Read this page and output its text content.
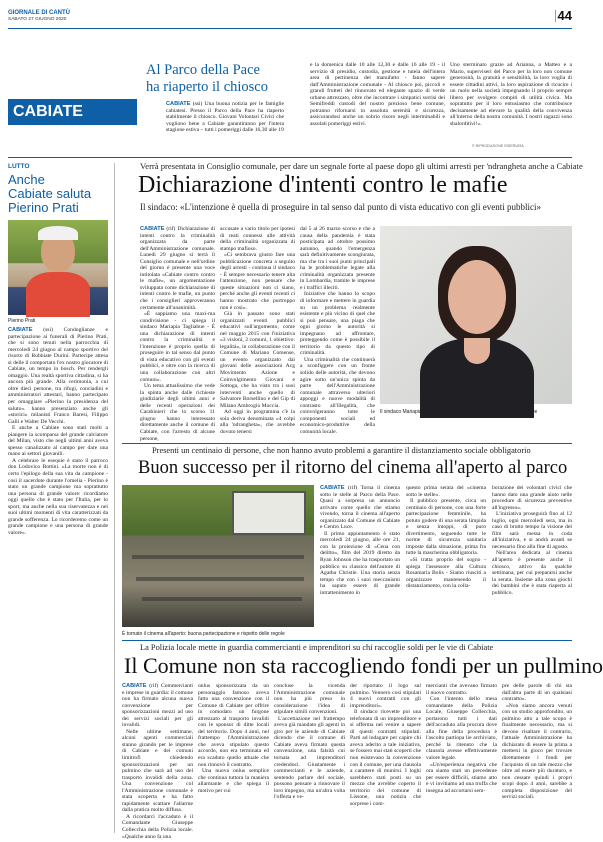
GIORNALE DI CANTÙ
SABATO 27 GIUGNO 2020	44
CABIATE
Al Parco della Pace
ha riaperto il chiosco

CABIATE (ssi) Una buona notizia per le famiglie cabiatesi. Presso il Parco della Pace ha riaperto stabilmente il chiosco. Giovani Volontari Civici che vogliono bene a Cabiate garantiranno per l'intera stagione estiva – tutti i pomeriggi dalle 16,30 alle 19

e la domenica dalle 10 alle 12,30 e dalle 16 alle 19 - il servizio di presidio, custodia, gestione e tutela dell'intera area di pertinenza del manufatto - fanno sapere dall'Amministrazione comunale - Al chiosco poi, piccoli e grandi frutteti del rinnovato ed elegante spazio di verde urbano attrezzato, oltre che incontrare i simpatici sorrisi dei Semifreddi custodi del nostro prezioso bene comune, potranno rifornarsi in assoluta serenità e sicurezza, assicurandosi anche un sobrio risoro negli interminabili e assolati pomeriggi estivi.

Uno sterminato grazie ad Arianna, a Matteo e a Mario, superviseri del Parco per la loro non comune generosità, la gratuità e sensibilità, la loro voglia di essere cittadini attivi, la loro aspirazione di ricucire i un ruolo nella società impegnando il proprio sempre libero per svolgere compiti di utilità civica. Ma sopratutto per il loro entusiasmo che contribuisce decisamente ad elevare la qualità della convivenza all'interno della nostra comunità. I nostri ragazzi sono sbalorditivi!».

© RIPRODUZIONE RISERVATA
LUTTO
Anche
Cabiate saluta
Pierino Prati
Pierino Prati

CABIATE (ssi) Condoglianze e partecipazione ai funerali di Pierino Prati, che si sono tenuti nella parrocchia di mercoledì 24 giugno al campo sportivo del risorto di Robbiate Durini. Partecipe attesa si delle il comportato l'ex nostro giocatore di Cabiate, un tempo in bosch. Per rendergli omaggio. Una realtà sportiva cittadina, si ha ancora più grande. Alla cerimonia, a cui oltre dieci persone, tra rifugi, conciadini e amministratori attestari, hanno partecipato per omaggiare «Pierino la presidenza del saluto». hanno presenziato anche gli «storici» milanisti Franco Baresi, Filippo Galli e Walter De Vecchi.

E anche a Cabiate sono stati molti a piangere la scomparsa del grande calciatore del Milan, visto che negli ultimi anni aveva spesso canalizzato al campo per dare una mano ai settori giovanili.

A celebrare le esequie è stato il parroco don Lodovico Bottini. «La morte non è di certo l'epilogo della sua vita da campione - così il sacerdote durante l'omelia - Pierino è stato un grande campione ma soprattutto una persona di grande valore: ricordiamo oggi quello che è stato per l'Italia, per lo sport, ma anche nella sua riservatezza e nei suoi ultimi momenti di vita caratterizzati da grande sofferenza. Lo ricorderemo come un grande campione e una persona di grande valore».

Verrà presentata in Consiglio comunale, per dare un segnale forte al paese dopo gli ultimi arresti per 'ndrangheta anche a Cabiate
Dichiarazione d'intenti contro le mafie
Il sindaco: «L'intenzione è quella di proseguire in tal senso dal punto di vista educativo con gli eventi pubblici»

CABIATE (rif) Dichiarazione di intenti contro la criminalità organizzata da parte dell'Amministrazione comunale. Lunedì 29 giugno si terrà il Consiglio comunale e nell'ordine del giorno è presente una voce intitolata «Cabiate contro contro le mafie», un argomentazione sviluppata come dichiarazione di intenti contro le mafie, un punto che i consiglieri approveranno certamente all'unanimità.

«È sappiamo una maxi-ma condivisione - ci spiega il sindaco Mariapia Tagliabue - È una dichiarazione di intenti contro la criminalità e l'intenzione è proprio quella di proseguire in tal senso dal punto di vista educativo con gli eventi pubblici, e oltre con la ricerca di una collaborazione con altri comuni».

Un tema attualissimo che vede la spinta anche dalle richieste giudiziarie degli ultimi anni e delle recenti operazioni dei Carabinieri che lo scorso 11 giugno hanno interessato direttamente anche il comune di Cabiate, con l'arresto di alcune persone,

accusate a vario titolo per ipotesi di reati connessi alle attività della criminalità organizzata di stampo mafioso.

«Ci sembrava giusto fare una pubblicazione concreta a seguito degli arresti - continua il sindaco - È sempre necessario tenere alta l'attenzione, non pensare che queste situazioni non ci siano, perché anche gli eventi recenti ci hanno mostrato che purtroppo non è così».

Già in passato sono stati organizzati eventi pubblici educativi sull'argomento, come nel maggio 2015 con l'iniziativa «3 visioni, 2 comuni, 1 obiettivo: legalità», in collaborazione con il Comune di Mariano Comense, un evento organizzato dai giovani delle associazioni Acg Movimento Azione e Coinvolgimento Giovani e Sottoga, che ha visto tra i suoi interventi anche quello di Salvatore Borsellino e del Gip di Milano Ambrogio Moccia.

Ad oggi in programma c'è la sola deriva denominata «4 colpi alla 'ndrangheta», che avrebbe dovuto tenersi

dal 5 al 26 marzo scorso e che a causa della pandemia è stata posticipata ad ottobre possimo autunno, quando l'emergenza sarà definitivamente scongiurata, ma che tra i suoi punti principali ha le problematiche legate alla criminalità organizzata presente in Lombardia, tramite le imprese e i traffici illeciti.

Iniziative che hanno lo scopo di informare e mettere in guardia su un problema realmente esistente e più vicino di quel che si può pensare, una piaga che ogni giorno le autorità si impegnano ad affrontare, proteggendo come è possibile il territorio da questo tipo di criminalità.

Una criminalità che continuerà a sconfiggere con un fronte solido delle autorità, che devono agire sotto un'unica spinta da parte dell'Amministrazione comunale attraverso ulteriori appoggi e nuove modalità di contrasto all'illegalità, che coinvolgeranno tutte le componenti sociali ed economico-produttive della comunità locale.

Il sindaco Mariapia Tagliabue preannuncia il documento contro le mafie
Presenti un centinaio di persone, che non hanno avuto problemi a garantire il distanziamento sociale obbligatorio
Buon successo per il ritorno del cinema all'aperto al parco
È tornato il cinema all'aperto: buona partecipazione e rispetto delle regole

CABIATE (rif) Torna il cinema sotto le stelle al Parco della Pace. Quasi a sorpresa un annuncio arrivato come quello che stiamo vivendo, torna il cinema all'aperto organizzato dal Comune di Cabiate e Centro Luce.

Il primo appuntamento è stato mercoledì 24 giugno, alle ore 21, con la proiezione di «Cena con delitto», film del 2019 diretto da Ryan Johnson che ha trasportato un pubblico su classico dell'autore di Agatha Christie. Una storia senza tempo che con i suoi meccanismi ha saputo essere di grande intrattenimento in

questo prima serata del «cinema sotto le stelle».

Il pubblico presente, circa un centinaio di persone, con una forte partecipazione femminile, ha potuto godere di una serata limpida e senza intoppi, di puro divertimento, seguendo tutte le norme di sicurezza sanitaria imposte dalla situazione, prima fra tutte la mascherina obbligatoria.

«Si tratta proprio del sogno - spiega l'assessore alla Cultura Rosamaria Bolis - Siamo riusciti a organizzare mantenendo il distanziamento, con la colla-

borazione dei volontari civici che hanno dato una grande aiuto nelle procedure di sicurezza preventive all'ingresso».

L'iniziativa proseguirà fino al 12 luglio, ogni mercoledì sera, ma in caso di brutto tempo la visione del film sarà messa in coda all'iniziativa, e si andrà avanti se necessario fino alla fine di agosto.

Nell'area dedicata al cinema all'aperto è presente anche il chiosco, attivo da qualche settimana, per cui prepararsi anche la serata. Insieme alla zona giochi dei bambini che è stata riaperta al pubblico.

La Polizia locale mette in guardia commercianti e imprenditori su chi raccoglie soldi per le vie di Cabiate
Il Comune non sta raccogliendo fondi per un pullmino

CABIATE (rif) Commercianti e imprese in guardia: il comune non ha firmato alcuna nuova convenzione per sponsorizzazioni mezzi ad uso dei servizi sociali per gli invalidi.

Nelle ultime settimane, alcuni agenti commerciali stanno girando per le imprese di Cabiate e dei comuni limitrofi chiedendo sponsorizzazioni per un pulmino che sarà ad uso del trasporto invalidi della zona. Una convenzione col l'Amministrazione comunale è stata scoperta e ha fatto rapidamente scattare l'allarme dalla pratica molto diffusa.

A ricordarci l'accaduto è il Comandante Giuseppe Collecchia della Polizia locale. «Qualche anno fa una

onlus sponsorizzata da un personaggio famoso aveva fatto una convenzione con il Comune di Cabiate per offrire in comodato un furgone attrezzato al trasporto invalidi con le sponsor di ditte locali del territorio. Dopo 4 anni, nel frattempo l'Amministrazione che aveva stipulato questo accordo, non era terminata ed era scaduto quello attuale che non rinnovò il contratto.

Una nuova onlus semplice che continua tuttora la maniera allarmante e che spiega il motivo per cui

concluse la vicenda l'Amministrazione comunale non ha più preso in considerazione l'idea di stipulare simili convenzioni.

L'accettazione nel frattempo aveva già mandato gli agenti in giro per le aziende di Cabiate dicendo che il comune di Cabiate aveva firmato questa convenzione, una falsità cui tornata ad imprenditori credendoci. Giustamente i commercianti e le aziende, sentendo parlare del sociale, possono pensare a rinnovare il loro impegno, ma un'altra volta l'offerta e ve-

der riportato il logo sul pulmino. Vennero così stipulati 4 nuovi contratti con gli imprenditori».

Il sindaco ricevette poi una telefonata di un imprenditore e si afferma nel venire a sapere di questi contratti stipulati. Parti ad indagare per capire chi aveva aderito a tale iniziativa, se fossero mai stati scoperti che non esistevano la convenzione con il comune, per una clausola a carattere di munirsi. I loghi sarebbero stati posti su un mezzo che avrebbe coperto il territorio del comune di Lissone, una notizia che sorprese i com-

mercianti che avevano firmato il nuovo contratto.

Con l'intento dello mesa comandante della Polizia Locale, Giuseppe Collecchia, portarono tutti i dati dell'accaduto alla procura dove alla fine della procedura è l'ascolto partiopa lie archiviato, perché la ritenuto che la clausola avesse effettivamente valore legale.

«Un'esperienza negativa che ora siamo stati un precedente per essere difficili, stiamo atto e vi invitiamo ad una truffa che insegna ad accortarsi sem-

pre delle parole di chi sta dall'altra parte di un qualsiasi contratto».

«Non siamo ancora venuti con un studio approfondito, un pulmino atto a tale scopo è finalmente necessario, ma si devono risaltare il contrario, l'attuale Amministrazione ha dichiarato di essere la prima a mettersi in gioco per trovare direttamente i fondi per l'acquisto di un tale mezzo che oltre ad essere più duraturo, e non cessare quindi i propri scopi dopo 4 anni, sarebbe a completa disposizione del servizi sociali.
